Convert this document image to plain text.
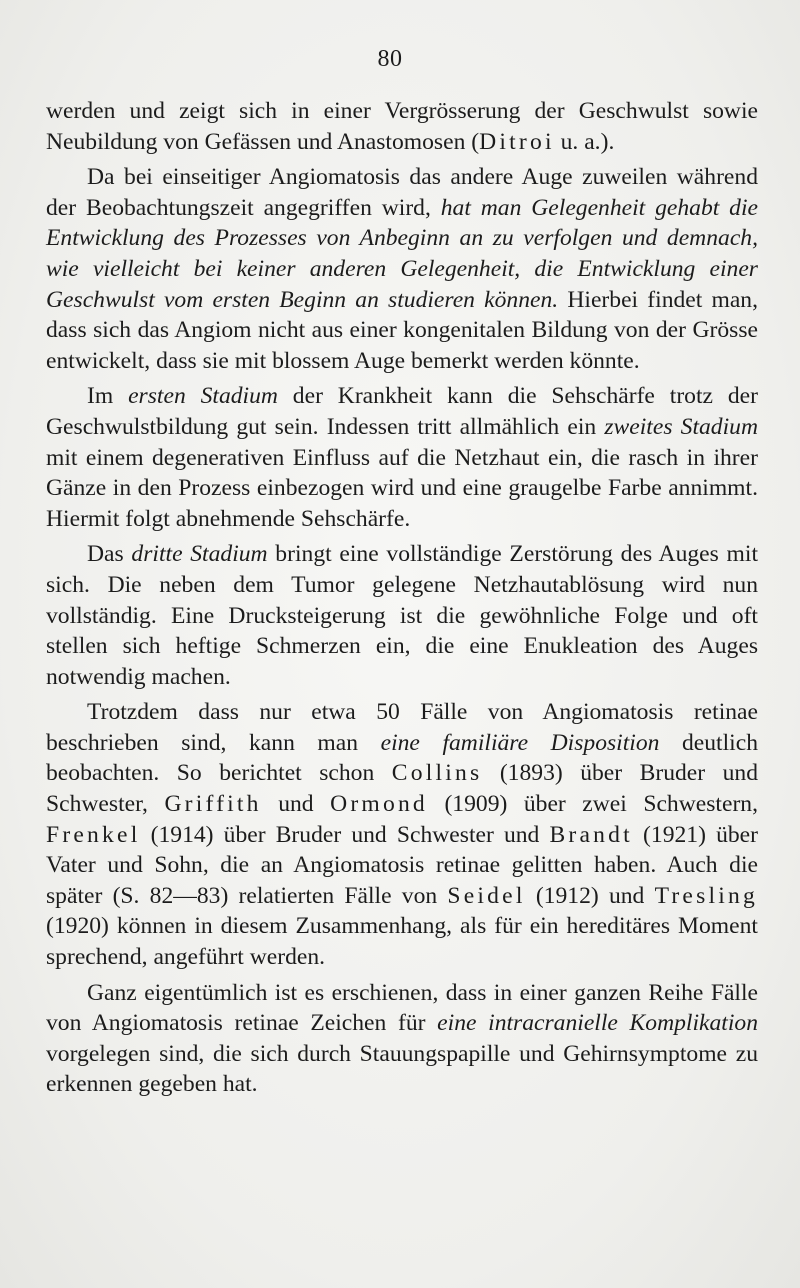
80

werden und zeigt sich in einer Vergrösserung der Geschwulst sowie Neubildung von Gefässen und Anastomosen (Ditroi u. a.).

Da bei einseitiger Angiomatosis das andere Auge zuweilen während der Beobachtungszeit angegriffen wird, hat man Gelegenheit gehabt die Entwicklung des Prozesses von Anbeginn an zu verfolgen und demnach, wie vielleicht bei keiner anderen Gelegenheit, die Entwicklung einer Geschwulst vom ersten Beginn an studieren können. Hierbei findet man, dass sich das Angiom nicht aus einer kongenitalen Bildung von der Grösse entwickelt, dass sie mit blossem Auge bemerkt werden könnte.

Im ersten Stadium der Krankheit kann die Sehschärfe trotz der Geschwulstbildung gut sein. Indessen tritt allmählich ein zweites Stadium mit einem degenerativen Einfluss auf die Netzhaut ein, die rasch in ihrer Gänze in den Prozess einbezogen wird und eine graugelbe Farbe annimmt. Hiermit folgt abnehmende Sehschärfe.

Das dritte Stadium bringt eine vollständige Zerstörung des Auges mit sich. Die neben dem Tumor gelegene Netzhautablösung wird nun vollständig. Eine Drucksteigerung ist die gewöhnliche Folge und oft stellen sich heftige Schmerzen ein, die eine Enukleation des Auges notwendig machen.

Trotzdem dass nur etwa 50 Fälle von Angiomatosis retinae beschrieben sind, kann man eine familiäre Disposition deutlich beobachten. So berichtet schon Collins (1893) über Bruder und Schwester, Griffith und Ormond (1909) über zwei Schwestern, Frenkel (1914) über Bruder und Schwester und Brandt (1921) über Vater und Sohn, die an Angiomatosis retinae gelitten haben. Auch die später (S. 82—83) relatierten Fälle von Seidel (1912) und Tresling (1920) können in diesem Zusammenhang, als für ein hereditäres Moment sprechend, angeführt werden.

Ganz eigentümlich ist es erschienen, dass in einer ganzen Reihe Fälle von Angiomatosis retinae Zeichen für eine intracranielle Komplikation vorgelegen sind, die sich durch Stauungspapille und Gehirnsymptome zu erkennen gegeben hat.
